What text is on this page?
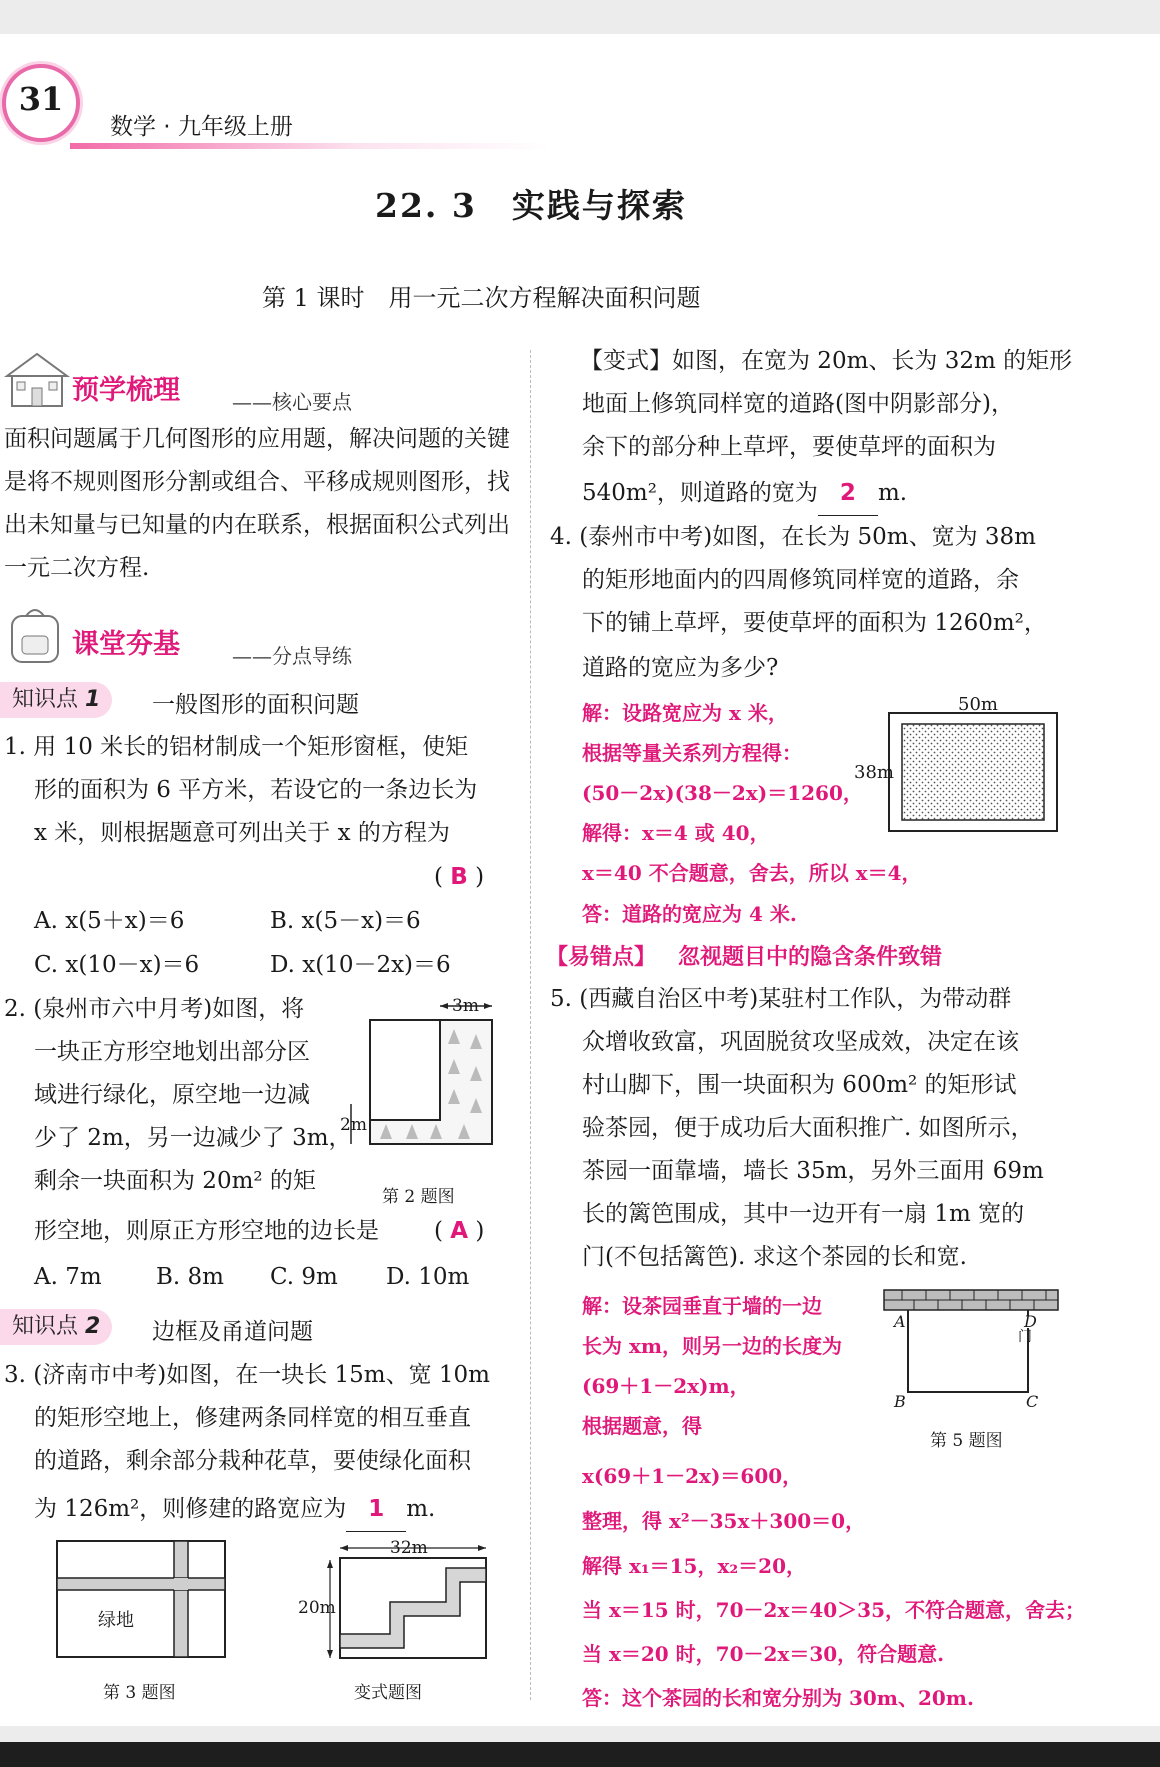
31
数学 · 九年级上册
22. 3　实践与探索
第 1 课时　用一元二次方程解决面积问题
预学梳理	——核心要点
面积问题属于几何图形的应用题，解决问题的关键是将不规则图形分割或组合、平移成规则图形，找出未知量与已知量的内在联系，根据面积公式列出一元二次方程.
课堂夯基	——分点导练
知识点 1	一般图形的面积问题
1. 用 10 米长的铝材制成一个矩形窗框，使矩
形的面积为 6 平方米，若设它的一条边长为
x 米，则根据题意可列出关于 x 的方程为
( B )
A. x(5＋x)＝6	B. x(5－x)＝6
C. x(10－x)＝6	D. x(10－2x)＝6
2. (泉州市六中月考)如图，将
一块正方形空地划出部分区
域进行绿化，原空地一边减
少了 2m，另一边减少了 3m，
剩余一块面积为 20m² 的矩
形空地，则原正方形空地的边长是 ( A )
A. 7m B. 8m C. 9m D. 10m
3m
2m
第 2 题图
知识点 2	边框及甬道问题
3. (济南市中考)如图，在一块长 15m、宽 10m
的矩形空地上，修建两条同样宽的相互垂直
的道路，剩余部分栽种花草，要使绿化面积
为 126m²，则修建的路宽应为 1 m.
绿地
第 3 题图
32m
20m
变式题图
【变式】如图，在宽为 20m、长为 32m 的矩形
地面上修筑同样宽的道路(图中阴影部分)，
余下的部分种上草坪，要使草坪的面积为
540m²，则道路的宽为 2 m.
4. (泰州市中考)如图，在长为 50m、宽为 38m
的矩形地面内的四周修筑同样宽的道路，余
下的铺上草坪，要使草坪的面积为 1260m²，
道路的宽应为多少?
解：设路宽应为 x 米，
根据等量关系列方程得：
(50－2x)(38－2x)＝1260，
解得：x＝4 或 40，
x＝40 不合题意，舍去，所以 x＝4，
答：道路的宽应为 4 米.
50m
38m
【易错点】 忽视题目中的隐含条件致错
5. (西藏自治区中考)某驻村工作队，为带动群
众增收致富，巩固脱贫攻坚成效，决定在该
村山脚下，围一块面积为 600m² 的矩形试
验茶园，便于成功后大面积推广. 如图所示，
茶园一面靠墙，墙长 35m，另外三面用 69m
长的篱笆围成，其中一边开有一扇 1m 宽的
门(不包括篱笆). 求这个茶园的长和宽.
解：设茶园垂直于墙的一边
长为 xm，则另一边的长度为
(69＋1－2x)m，
根据题意，得
x(69＋1－2x)＝600，
整理，得 x²－35x＋300＝0，
解得 x₁＝15，x₂＝20，
当 x＝15 时，70－2x＝40＞35，不符合题意，舍去；
当 x＝20 时，70－2x＝30，符合题意.
答：这个茶园的长和宽分别为 30m、20m.
A	D
门
B	C
第 5 题图
